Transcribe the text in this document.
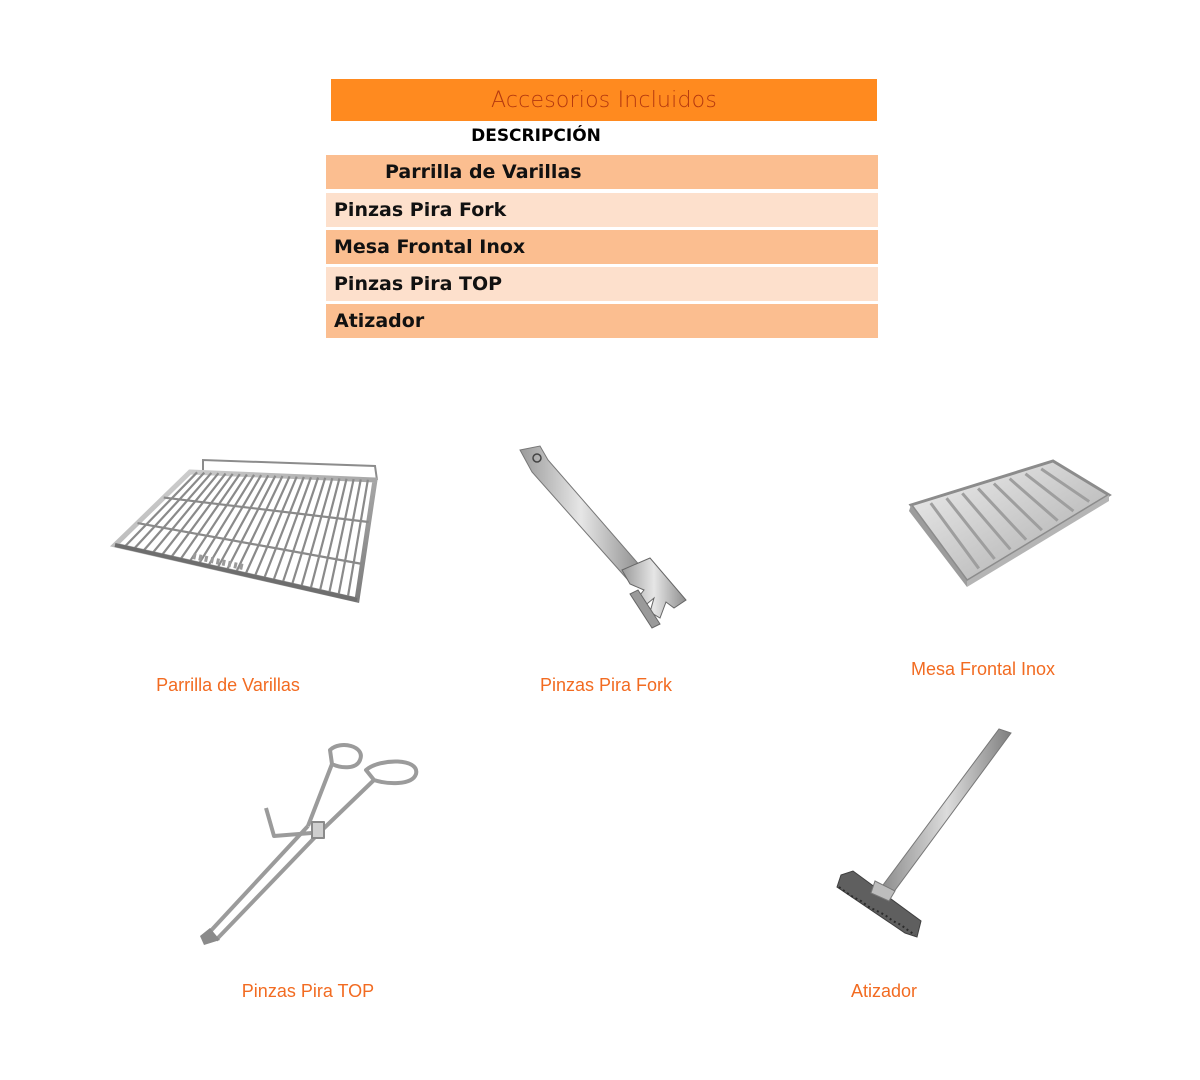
Accesorios Incluidos
DESCRIPCIÓN
Parrilla de Varillas
Pinzas Pira Fork
Mesa Frontal Inox
Pinzas Pira TOP
Atizador
Parrilla de Varillas	Pinzas Pira Fork
Mesa Frontal Inox
Pinzas Pira TOP	Atizador
